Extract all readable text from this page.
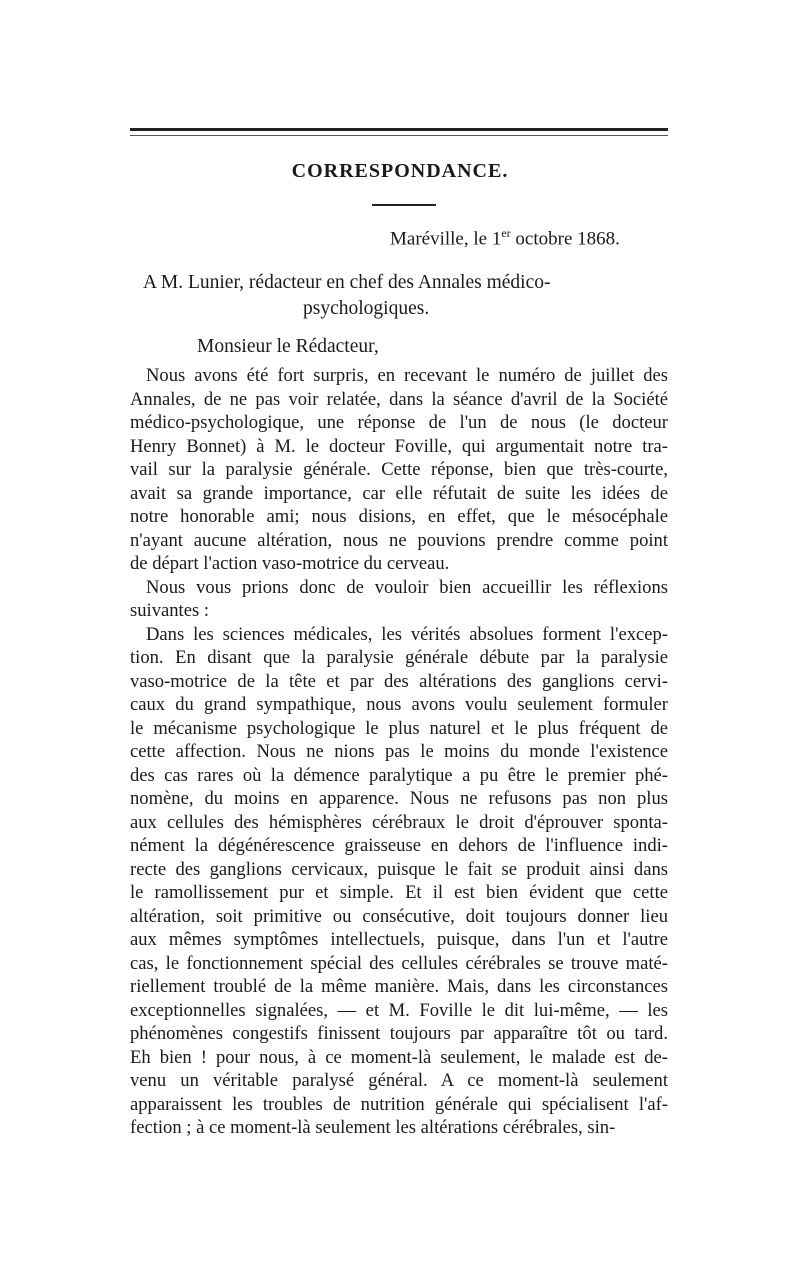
CORRESPONDANCE.
Maréville, le 1er octobre 1868.
A M. Lunier, rédacteur en chef des Annales médico-
psychologiques.
Monsieur le Rédacteur,
Nous avons été fort surpris, en recevant le numéro de juillet des
Annales, de ne pas voir relatée, dans la séance d'avril de la Société
médico-psychologique, une réponse de l'un de nous (le docteur
Henry Bonnet) à M. le docteur Foville, qui argumentait notre tra-
vail sur la paralysie générale. Cette réponse, bien que très-courte,
avait sa grande importance, car elle réfutait de suite les idées de
notre honorable ami; nous disions, en effet, que le mésocéphale
n'ayant aucune altération, nous ne pouvions prendre comme point
de départ l'action vaso-motrice du cerveau.
Nous vous prions donc de vouloir bien accueillir les réflexions
suivantes :
Dans les sciences médicales, les vérités absolues forment l'excep-
tion. En disant que la paralysie générale débute par la paralysie
vaso-motrice de la tête et par des altérations des ganglions cervi-
caux du grand sympathique, nous avons voulu seulement formuler
le mécanisme psychologique le plus naturel et le plus fréquent de
cette affection. Nous ne nions pas le moins du monde l'existence
des cas rares où la démence paralytique a pu être le premier phé-
nomène, du moins en apparence. Nous ne refusons pas non plus
aux cellules des hémisphères cérébraux le droit d'éprouver sponta-
nément la dégénérescence graisseuse en dehors de l'influence indi-
recte des ganglions cervicaux, puisque le fait se produit ainsi dans
le ramollissement pur et simple. Et il est bien évident que cette
altération, soit primitive ou consécutive, doit toujours donner lieu
aux mêmes symptômes intellectuels, puisque, dans l'un et l'autre
cas, le fonctionnement spécial des cellules cérébrales se trouve maté-
riellement troublé de la même manière. Mais, dans les circonstances
exceptionnelles signalées, — et M. Foville le dit lui-même, — les
phénomènes congestifs finissent toujours par apparaître tôt ou tard.
Eh bien ! pour nous, à ce moment-là seulement, le malade est de-
venu un véritable paralysé général. A ce moment-là seulement
apparaissent les troubles de nutrition générale qui spécialisent l'af-
fection ; à ce moment-là seulement les altérations cérébrales, sin-
